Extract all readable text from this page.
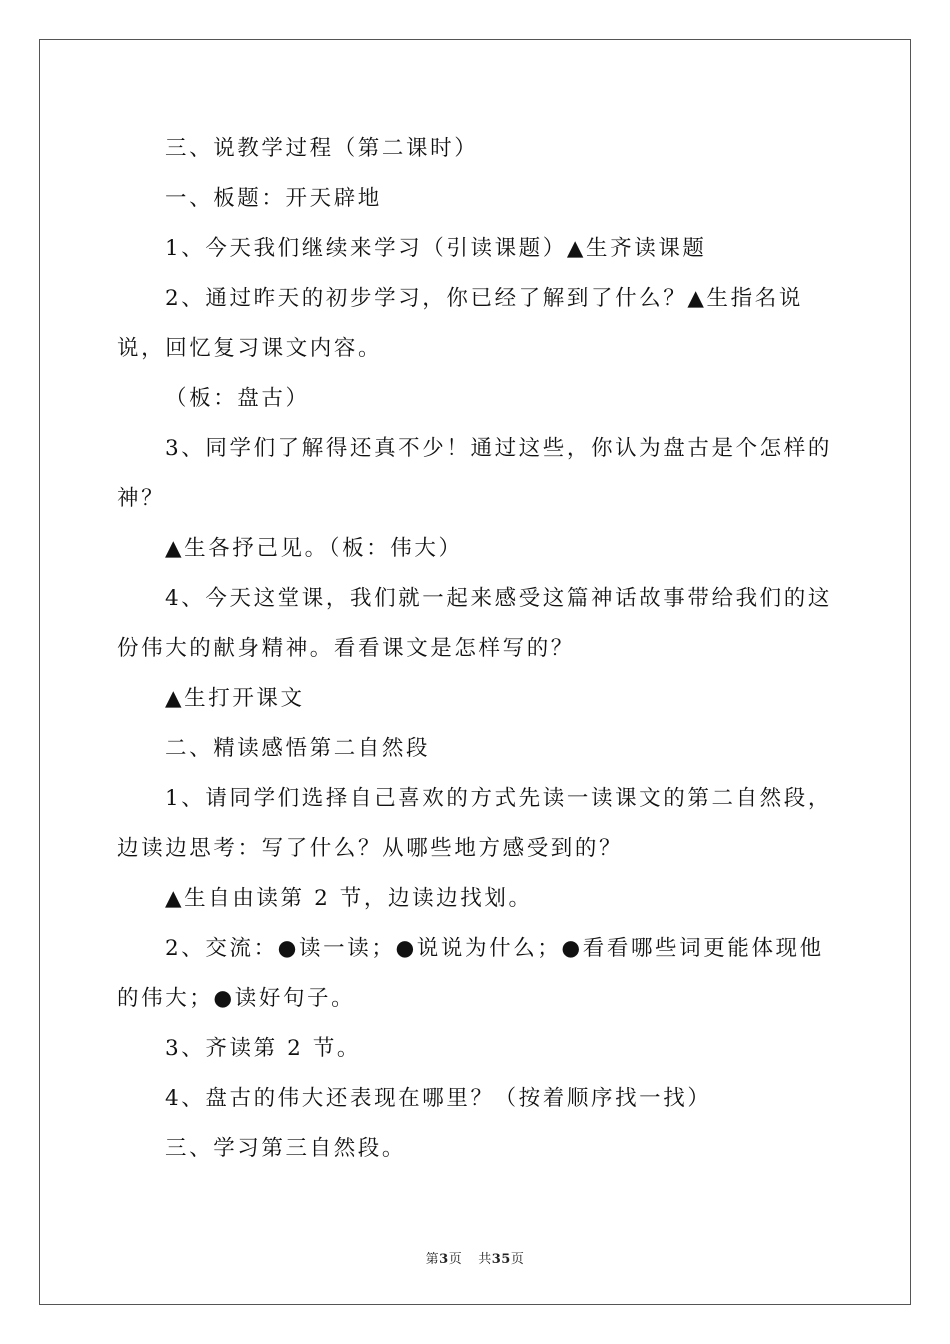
三、说教学过程（第二课时）

一、板题：开天辟地

1、今天我们继续来学习（引读课题）▲生齐读课题

2、通过昨天的初步学习，你已经了解到了什么？▲生指名说说，回忆复习课文内容。

（板：盘古）

3、同学们了解得还真不少！通过这些，你认为盘古是个怎样的神？

▲生各抒己见。（板：伟大）

4、今天这堂课，我们就一起来感受这篇神话故事带给我们的这份伟大的献身精神。看看课文是怎样写的？

▲生打开课文

二、精读感悟第二自然段

1、请同学们选择自己喜欢的方式先读一读课文的第二自然段，边读边思考：写了什么？从哪些地方感受到的？

▲生自由读第 2 节，边读边找划。

2、交流：●读一读；●说说为什么；●看看哪些词更能体现他的伟大；●读好句子。

3、齐读第 2 节。

4、盘古的伟大还表现在哪里？（按着顺序找一找）

三、学习第三自然段。

第3页 共35页
